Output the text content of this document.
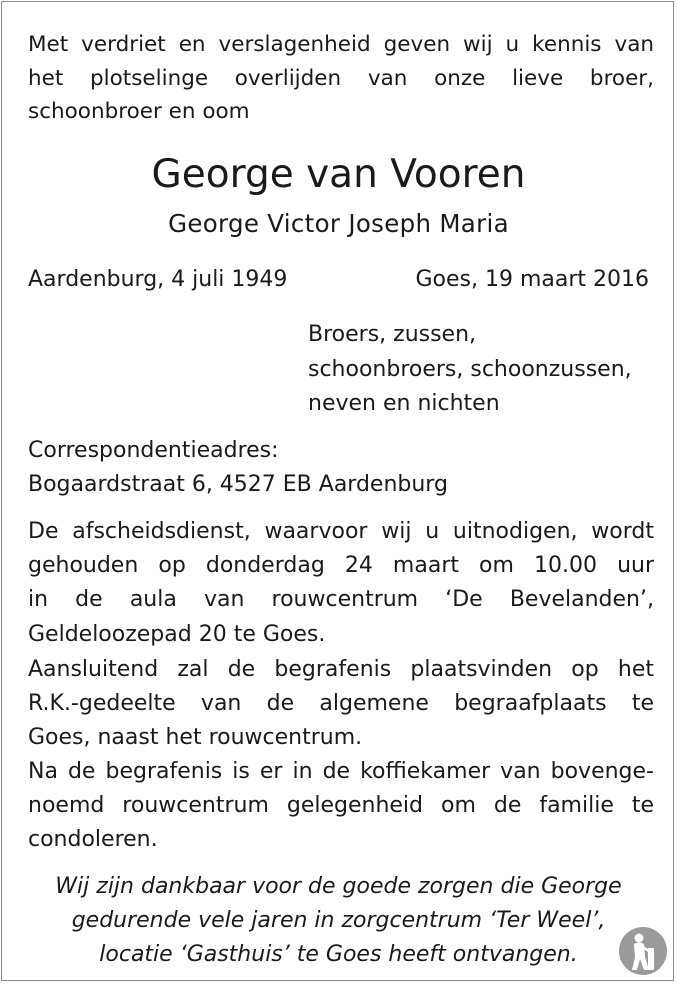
Met verdriet en verslagenheid geven wij u kennis van

het plotselinge overlijden van onze lieve broer,

schoonbroer en oom

George van Vooren

George Victor Joseph Maria

Aardenburg, 4 juli 1949	Goes, 19 maart 2016

Broers, zussen,

schoonbroers, schoonzussen,

neven en nichten

Correspondentieadres:

Bogaardstraat 6, 4527 EB Aardenburg

De afscheidsdienst, waarvoor wij u uitnodigen, wordt

gehouden op donderdag 24 maart om 10.00 uur

in de aula van rouwcentrum ‘De Bevelanden’,

Geldeloozepad 20 te Goes.

Aansluitend zal de begrafenis plaatsvinden op het

R.K.-gedeelte van de algemene begraafplaats te

Goes, naast het rouwcentrum.

Na de begrafenis is er in de koffiekamer van bovenge-

noemd rouwcentrum gelegenheid om de familie te

condoleren.

Wij zijn dankbaar voor de goede zorgen die George

gedurende vele jaren in zorgcentrum ‘Ter Weel’,

locatie ‘Gasthuis’ te Goes heeft ontvangen.
